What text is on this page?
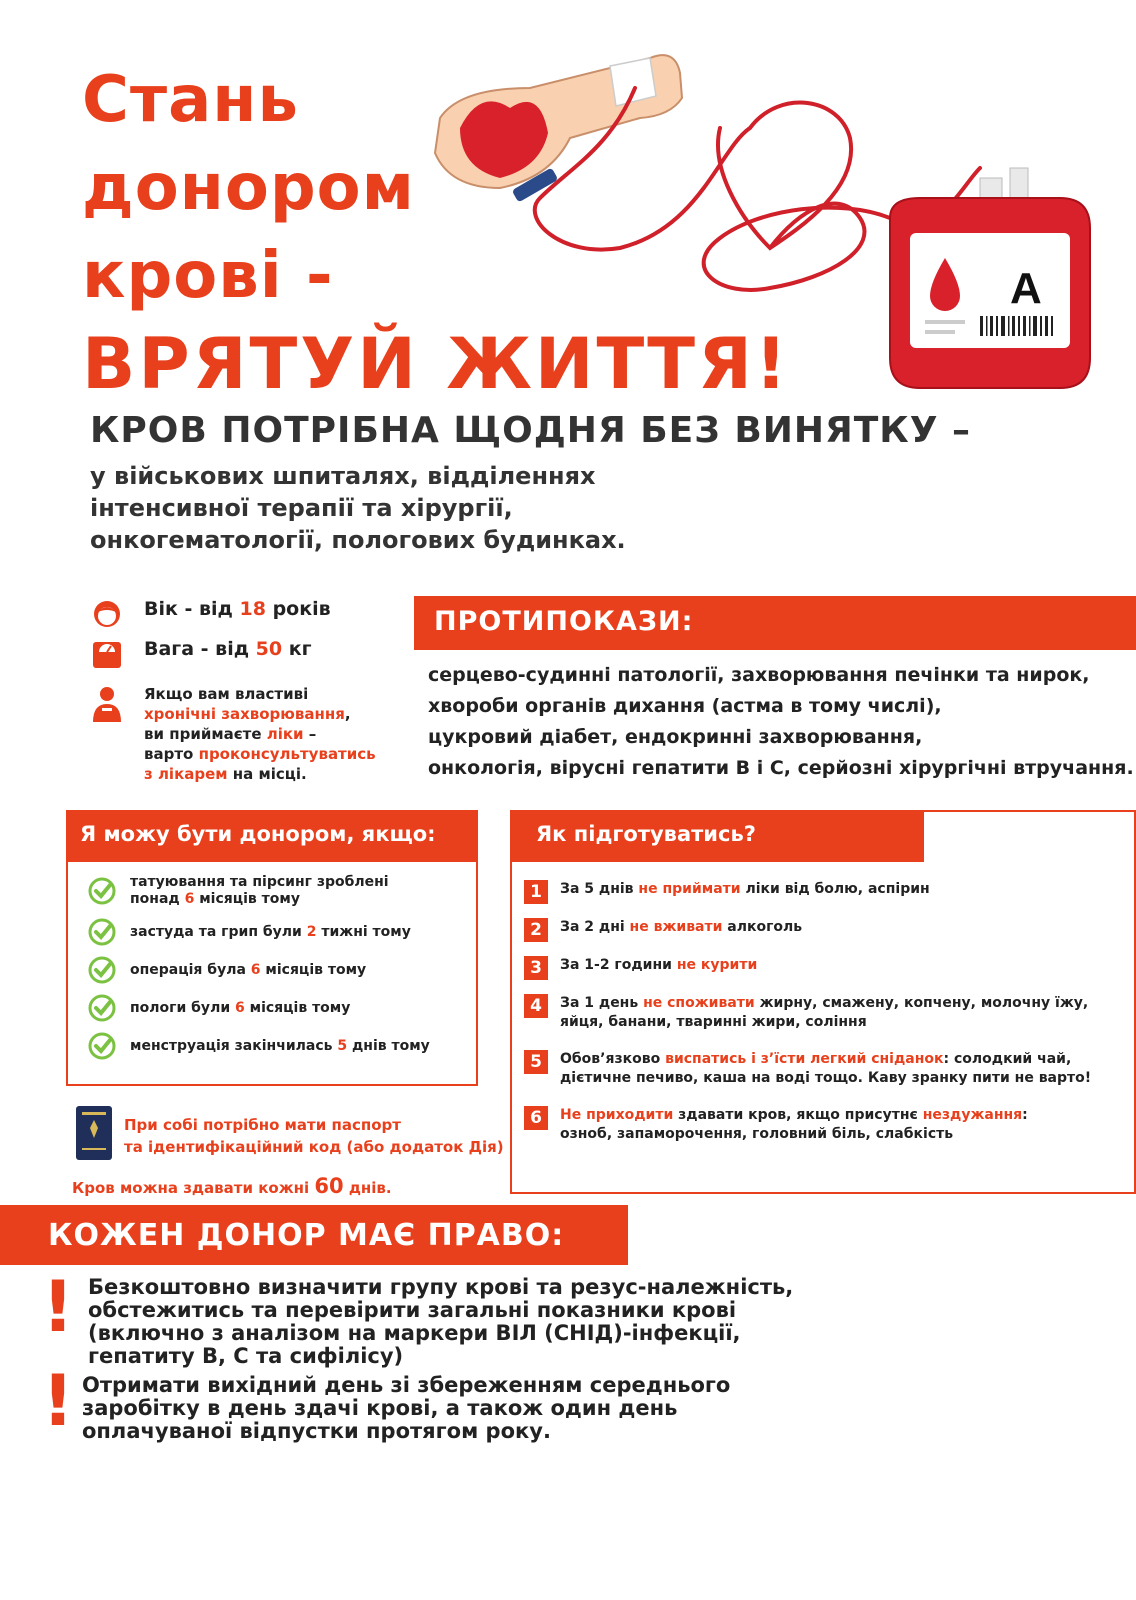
Стань
донором
крові -
ВРЯТУЙ ЖИТТЯ!
A
КРОВ ПОТРІБНА ЩОДНЯ БЕЗ ВИНЯТКУ –
у військових шпиталях, відділеннях
інтенсивної терапії та хірургії,
онкогематології, пологових будинках.
Вік - від 18 років
Вага - від 50 кг
Якщо вам властиві
хронічні захворювання,
ви приймаєте ліки –
варто проконсультуватись
з лікарем на місці.
ПРОТИПОКАЗИ:
серцево-судинні патології, захворювання печінки та нирок,
хвороби органів дихання (астма в тому числі),
цукровий діабет, ендокринні захворювання,
онкологія, вірусні гепатити В і С, серйозні хірургічні втручання.
Я можу бути донором, якщо:
татуювання та пірсинг зроблені
понад 6 місяців тому
застуда та грип були 2 тижні тому
операція була 6 місяців тому
пологи були 6 місяців тому
менструація закінчилась 5 днів тому
Як підготуватись?
1	За 5 днів не приймати ліки від болю, аспірин
2	За 2 дні не вживати алкоголь
3	За 1-2 години не курити
4	За 1 день не споживати жирну, смажену, копчену, молочну їжу,
яйця, банани, тваринні жири, соління
5	Обов’язково виспатись і з’їсти легкий сніданок: солодкий чай,
дієтичне печиво, каша на воді тощо. Каву зранку пити не варто!
6	Не приходити здавати кров, якщо присутнє нездужання:
озноб, запаморочення, головний біль, слабкість
При собі потрібно мати паспорт
та ідентифікаційний код (або додаток Дія)
Кров можна здавати кожні 60 днів.
КОЖЕН ДОНОР МАЄ ПРАВО:
! Безкоштовно визначити групу крові та резус-належність,
обстежитись та перевірити загальні показники крові
(включно з аналізом на маркери ВІЛ (СНІД)-інфекції,
гепатиту В, С та сифілісу)
! Отримати вихідний день зі збереженням середнього
заробітку в день здачі крові, а також один день
оплачуваної відпустки протягом року.
